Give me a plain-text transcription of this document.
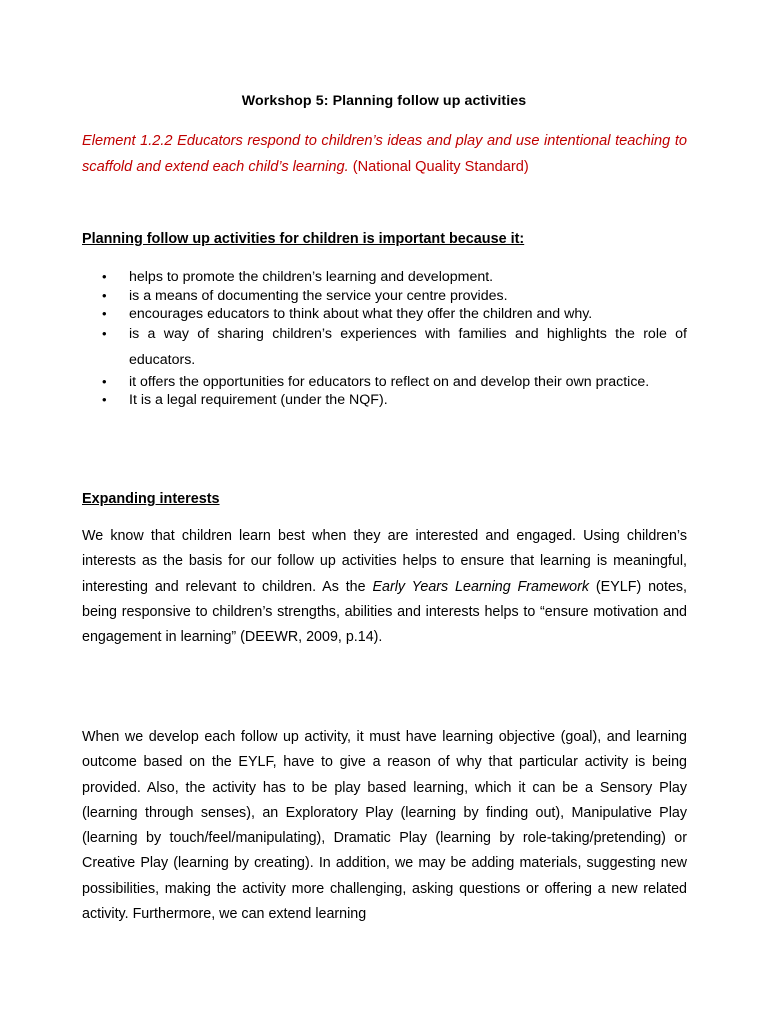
Workshop 5: Planning follow up activities

Element 1.2.2 Educators respond to children’s ideas and play and use intentional teaching to scaffold and extend each child’s learning. (National Quality Standard)

Planning follow up activities for children is important because it:
• helps to promote the children’s learning and development.
• is a means of documenting the service your centre provides.
• encourages educators to think about what they offer the children and why.
• is a way of sharing children’s experiences with families and highlights the role of educators.
• it offers the opportunities for educators to reflect on and develop their own practice.
• It is a legal requirement (under the NQF).
Expanding interests

We know that children learn best when they are interested and engaged. Using children’s interests as the basis for our follow up activities helps to ensure that learning is meaningful, interesting and relevant to children. As the Early Years Learning Framework (EYLF) notes, being responsive to children’s strengths, abilities and interests helps to “ensure motivation and engagement in learning” (DEEWR, 2009, p.14).

When we develop each follow up activity, it must have learning objective (goal), and learning outcome based on the EYLF, have to give a reason of why that particular activity is being provided. Also, the activity has to be play based learning, which it can be a Sensory Play (learning through senses), an Exploratory Play (learning by finding out), Manipulative Play (learning by touch/feel/manipulating), Dramatic Play (learning by role-taking/pretending) or Creative Play (learning by creating). In addition, we may be adding materials, suggesting new possibilities, making the activity more challenging, asking questions or offering a new related activity. Furthermore, we can extend learning
